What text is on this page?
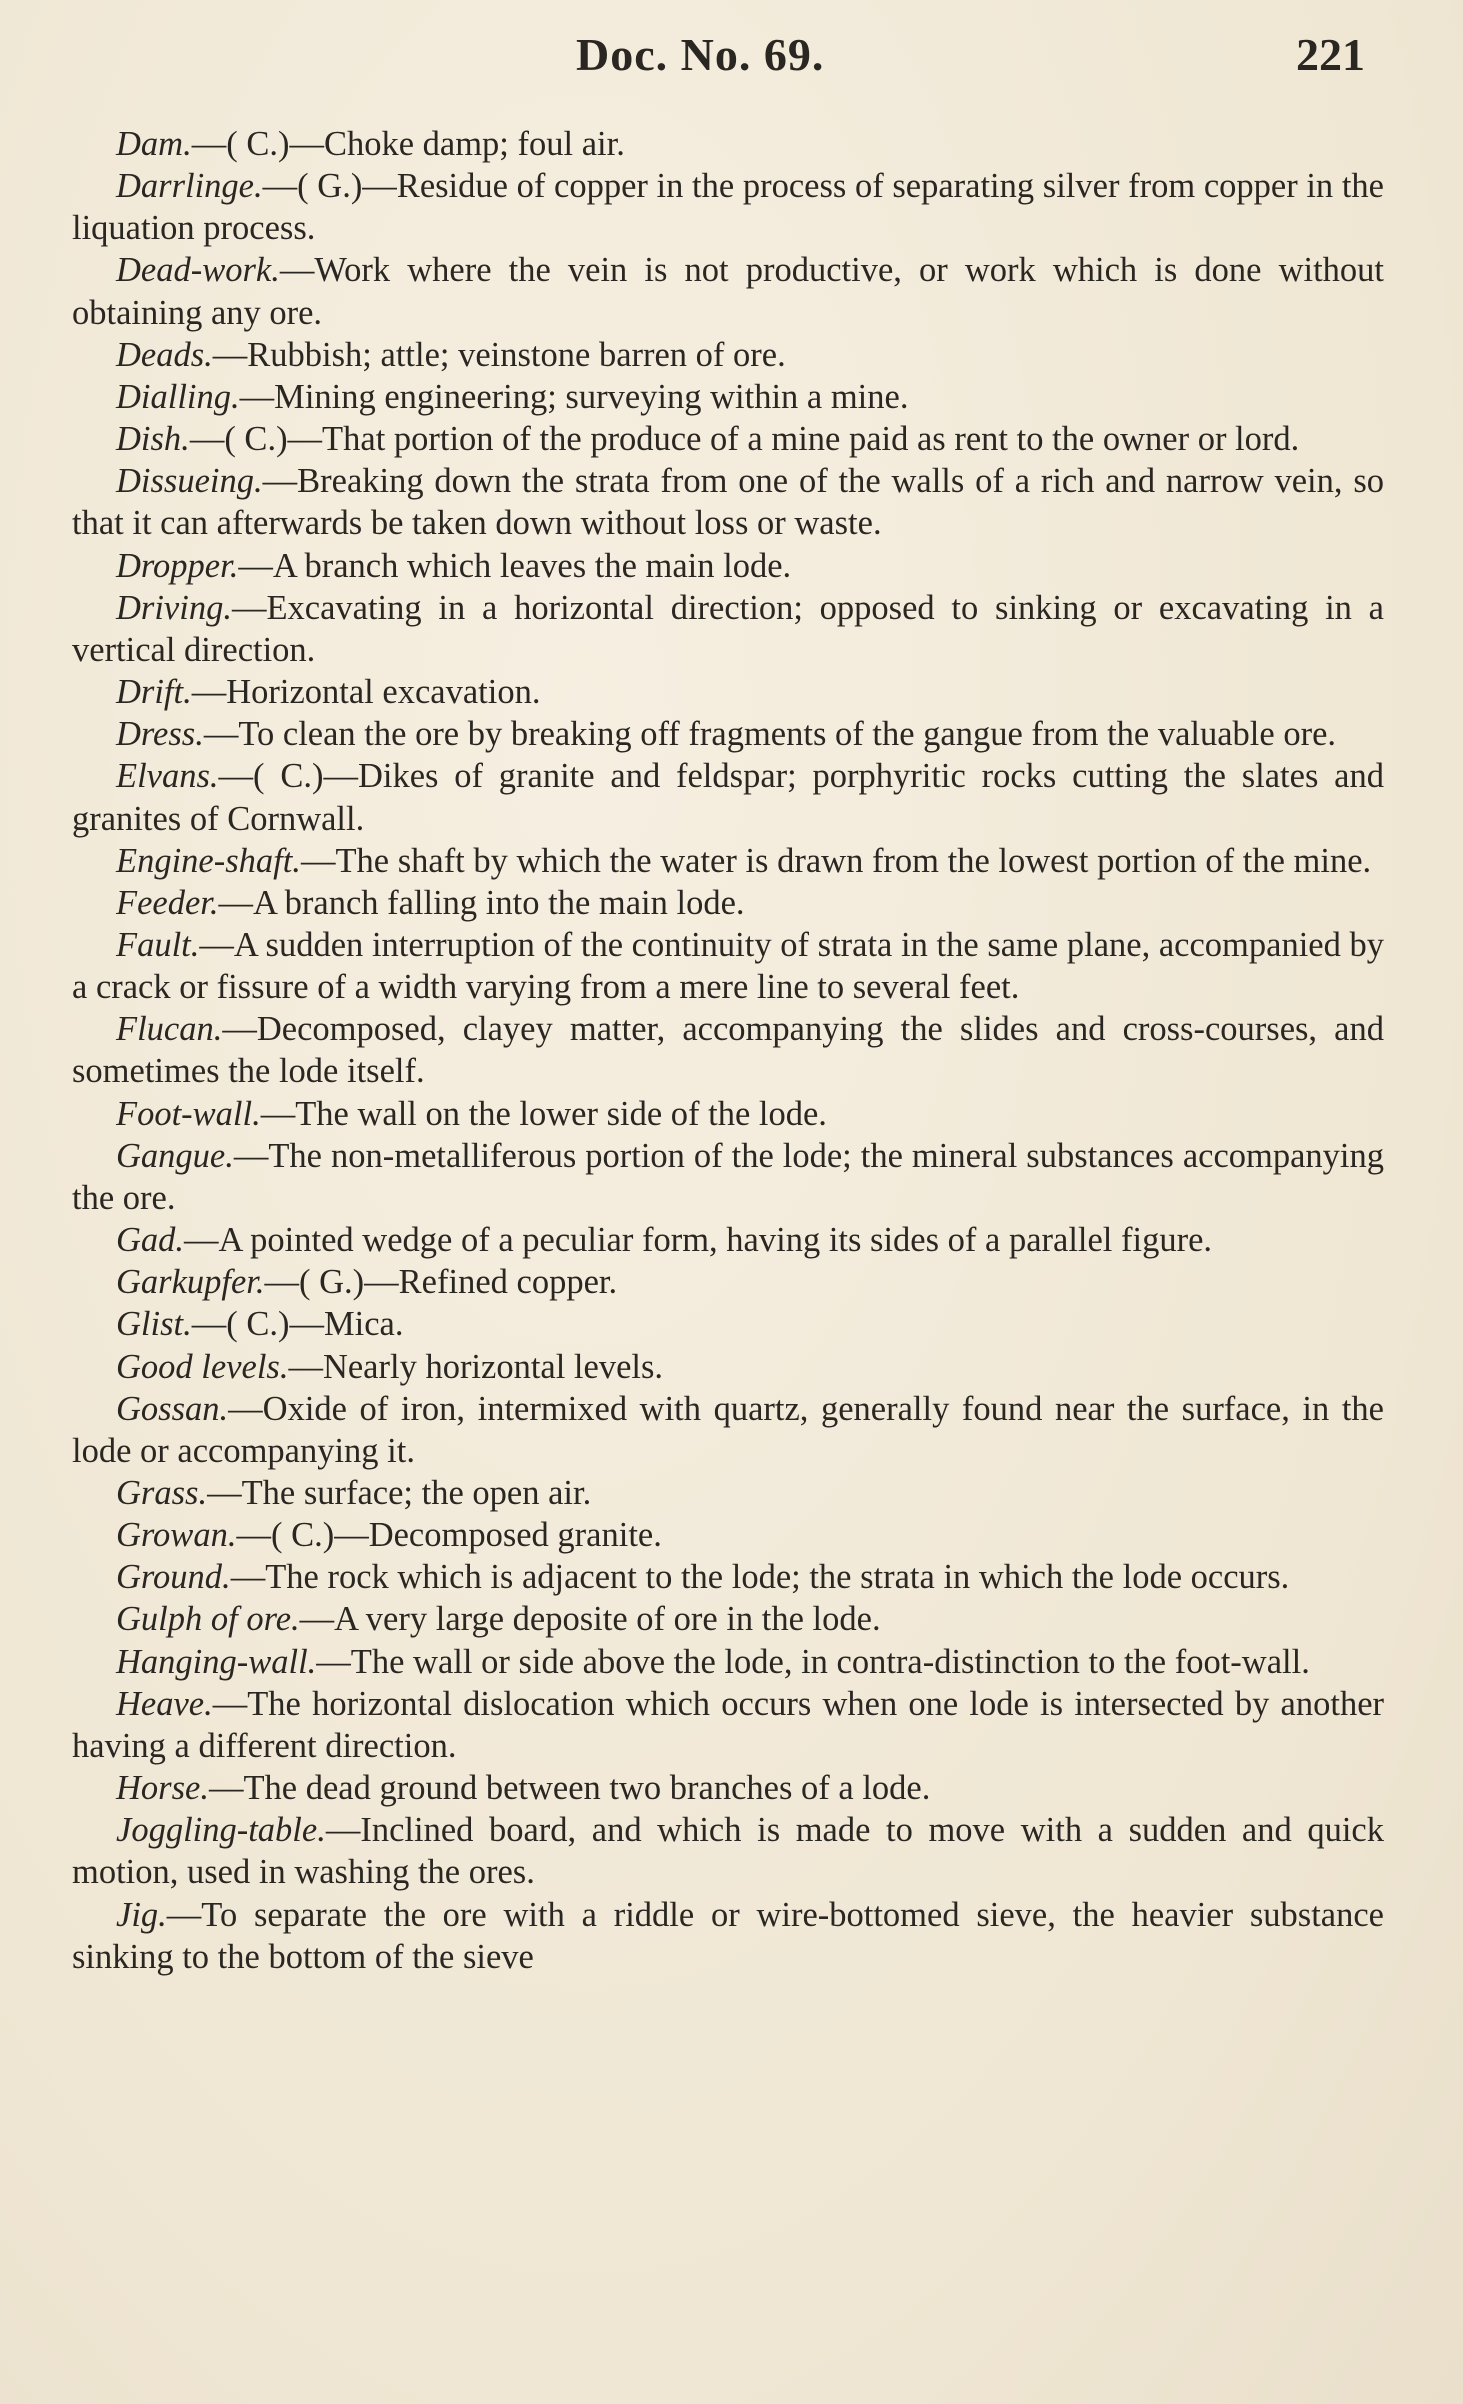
Doc. No. 69.	221

Dam.—( C.)—Choke damp; foul air.

Darrlinge.—( G.)—Residue of copper in the process of separating silver from copper in the liquation process.

Dead-work.—Work where the vein is not productive, or work which is done without obtaining any ore.

Deads.—Rubbish; attle; veinstone barren of ore.

Dialling.—Mining engineering; surveying within a mine.

Dish.—( C.)—That portion of the produce of a mine paid as rent to the owner or lord.

Dissueing.—Breaking down the strata from one of the walls of a rich and narrow vein, so that it can afterwards be taken down without loss or waste.

Dropper.—A branch which leaves the main lode.

Driving.—Excavating in a horizontal direction; opposed to sinking or excavating in a vertical direction.

Drift.—Horizontal excavation.

Dress.—To clean the ore by breaking off fragments of the gangue from the valuable ore.

Elvans.—( C.)—Dikes of granite and feldspar; porphyritic rocks cutting the slates and granites of Cornwall.

Engine-shaft.—The shaft by which the water is drawn from the lowest portion of the mine.

Feeder.—A branch falling into the main lode.

Fault.—A sudden interruption of the continuity of strata in the same plane, accompanied by a crack or fissure of a width varying from a mere line to several feet.

Flucan.—Decomposed, clayey matter, accompanying the slides and cross-courses, and sometimes the lode itself.

Foot-wall.—The wall on the lower side of the lode.

Gangue.—The non-metalliferous portion of the lode; the mineral substances accompanying the ore.

Gad.—A pointed wedge of a peculiar form, having its sides of a parallel figure.

Garkupfer.—( G.)—Refined copper.

Glist.—( C.)—Mica.

Good levels.—Nearly horizontal levels.

Gossan.—Oxide of iron, intermixed with quartz, generally found near the surface, in the lode or accompanying it.

Grass.—The surface; the open air.

Growan.—( C.)—Decomposed granite.

Ground.—The rock which is adjacent to the lode; the strata in which the lode occurs.

Gulph of ore.—A very large deposite of ore in the lode.

Hanging-wall.—The wall or side above the lode, in contra-distinction to the foot-wall.

Heave.—The horizontal dislocation which occurs when one lode is intersected by another having a different direction.

Horse.—The dead ground between two branches of a lode.

Joggling-table.—Inclined board, and which is made to move with a sudden and quick motion, used in washing the ores.

Jig.—To separate the ore with a riddle or wire-bottomed sieve, the heavier substance sinking to the bottom of the sieve
